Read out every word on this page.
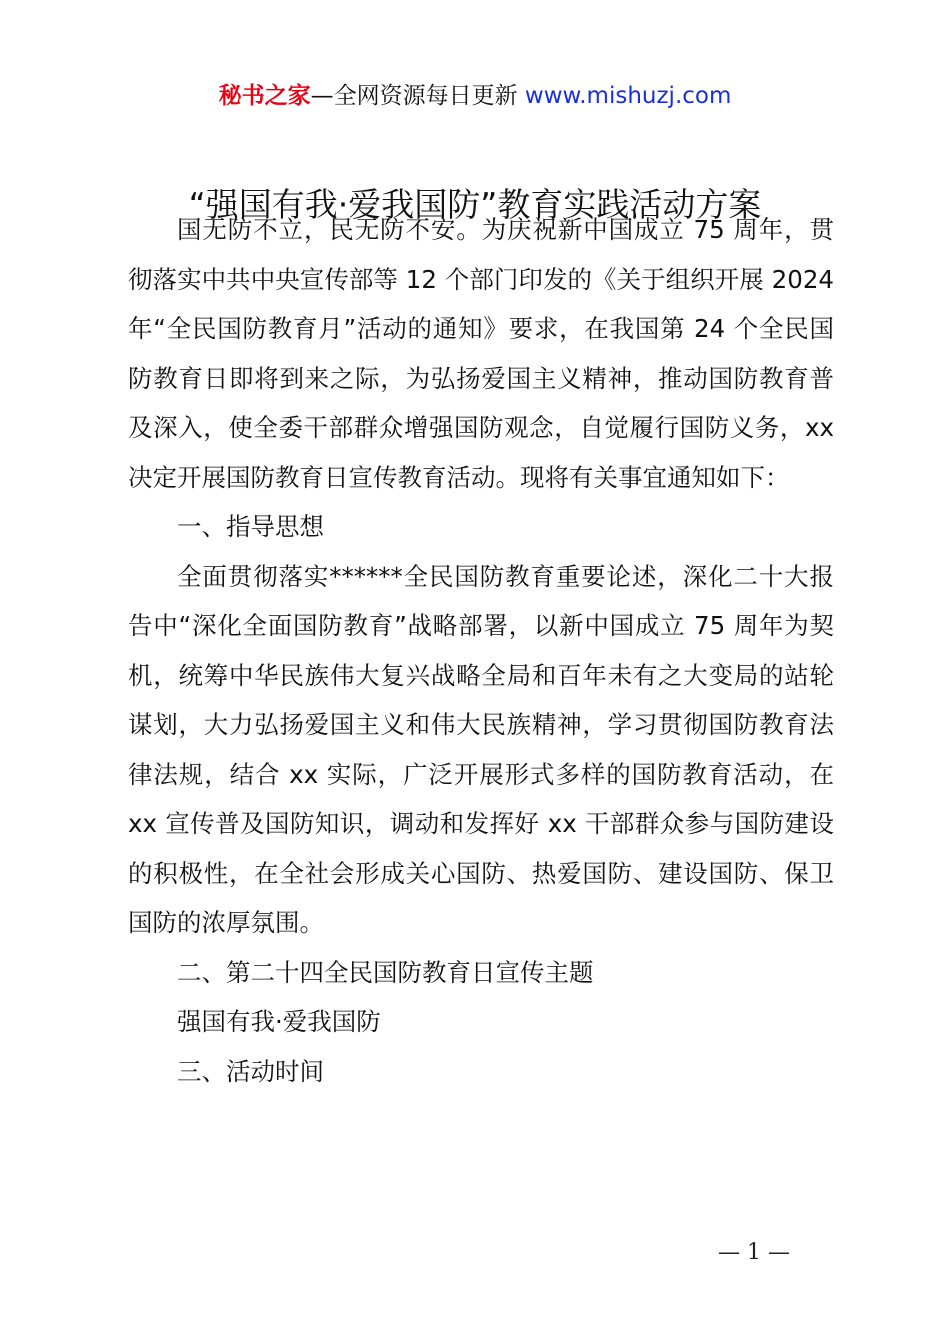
秘书之家—全网资源每日更新 www.mishuzj.com
“强国有我·爱我国防”教育实践活动方案

国无防不立，民无防不安。为庆祝新中国成立 75 周年，贯彻落实中共中央宣传部等 12 个部门印发的《关于组织开展 2024 年“全民国防教育月”活动的通知》要求，在我国第 24 个全民国防教育日即将到来之际，为弘扬爱国主义精神，推动国防教育普及深入，使全委干部群众增强国防观念，自觉履行国防义务，xx 决定开展国防教育日宣传教育活动。现将有关事宜通知如下：

一、指导思想

全面贯彻落实******全民国防教育重要论述，深化二十大报告中“深化全面国防教育”战略部署，以新中国成立 75 周年为契机，统筹中华民族伟大复兴战略全局和百年未有之大变局的站轮谋划，大力弘扬爱国主义和伟大民族精神，学习贯彻国防教育法律法规，结合 xx 实际，广泛开展形式多样的国防教育活动，在 xx 宣传普及国防知识，调动和发挥好 xx 干部群众参与国防建设的积极性，在全社会形成关心国防、热爱国防、建设国防、保卫国防的浓厚氛围。

二、第二十四全民国防教育日宣传主题

强国有我·爱我国防

三、活动时间

— 1 —
